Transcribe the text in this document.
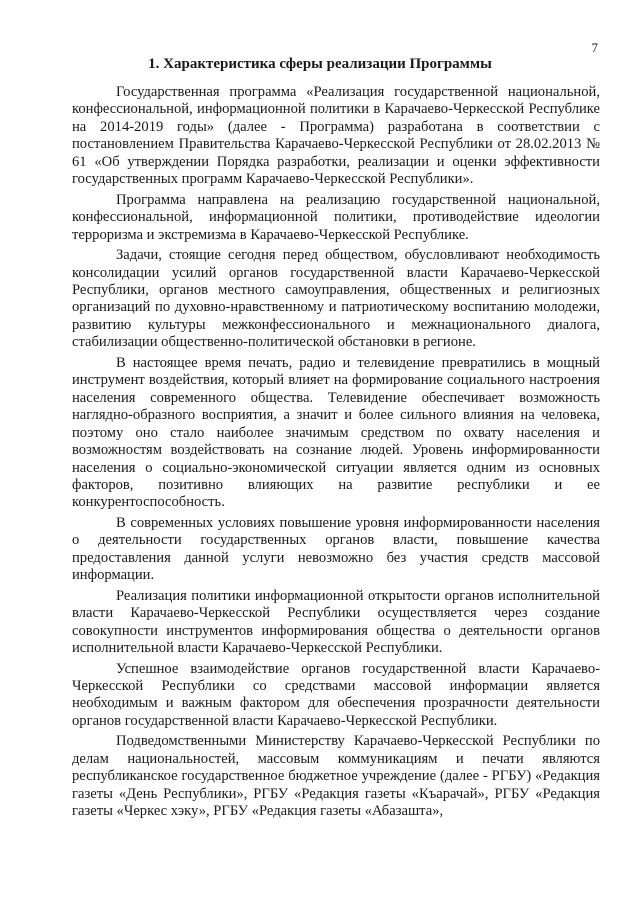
7
1. Характеристика сферы реализации Программы

Государственная программа «Реализация государственной национальной, конфессиональной, информационной политики в Карачаево-Черкесской Республике на 2014-2019 годы» (далее - Программа) разработана в соответствии с постановлением Правительства Карачаево-Черкесской Республики от 28.02.2013 № 61 «Об утверждении Порядка разработки, реализации и оценки эффективности государственных программ Карачаево-Черкесской Республики».

Программа направлена на реализацию государственной национальной, конфессиональной, информационной политики, противодействие идеологии терроризма и экстремизма в Карачаево-Черкесской Республике.

Задачи, стоящие сегодня перед обществом, обусловливают необходимость консолидации усилий органов государственной власти Карачаево-Черкесской Республики, органов местного самоуправления, общественных и религиозных организаций по духовно-нравственному и патриотическому воспитанию молодежи, развитию культуры межконфессионального и межнационального диалога, стабилизации общественно-политической обстановки в регионе.

В настоящее время печать, радио и телевидение превратились в мощный инструмент воздействия, который влияет на формирование социального настроения населения современного общества. Телевидение обеспечивает возможность наглядно-образного восприятия, а значит и более сильного влияния на человека, поэтому оно стало наиболее значимым средством по охвату населения и возможностям воздействовать на сознание людей. Уровень информированности населения о социально-экономической ситуации является одним из основных факторов, позитивно влияющих на развитие республики и ее конкурентоспособность.

В современных условиях повышение уровня информированности населения о деятельности государственных органов власти, повышение качества предоставления данной услуги невозможно без участия средств массовой информации.

Реализация политики информационной открытости органов исполнительной власти Карачаево-Черкесской Республики осуществляется через создание совокупности инструментов информирования общества о деятельности органов исполнительной власти Карачаево-Черкесской Республики.

Успешное взаимодействие органов государственной власти Карачаево-Черкесской Республики со средствами массовой информации является необходимым и важным фактором для обеспечения прозрачности деятельности органов государственной власти Карачаево-Черкесской Республики.

Подведомственными Министерству Карачаево-Черкесской Республики по делам национальностей, массовым коммуникациям и печати являются республиканское государственное бюджетное учреждение (далее - РГБУ) «Редакция газеты «День Республики», РГБУ «Редакция газеты «Къарачай», РГБУ «Редакция газеты «Черкес хэку», РГБУ «Редакция газеты «Абазашта»,
